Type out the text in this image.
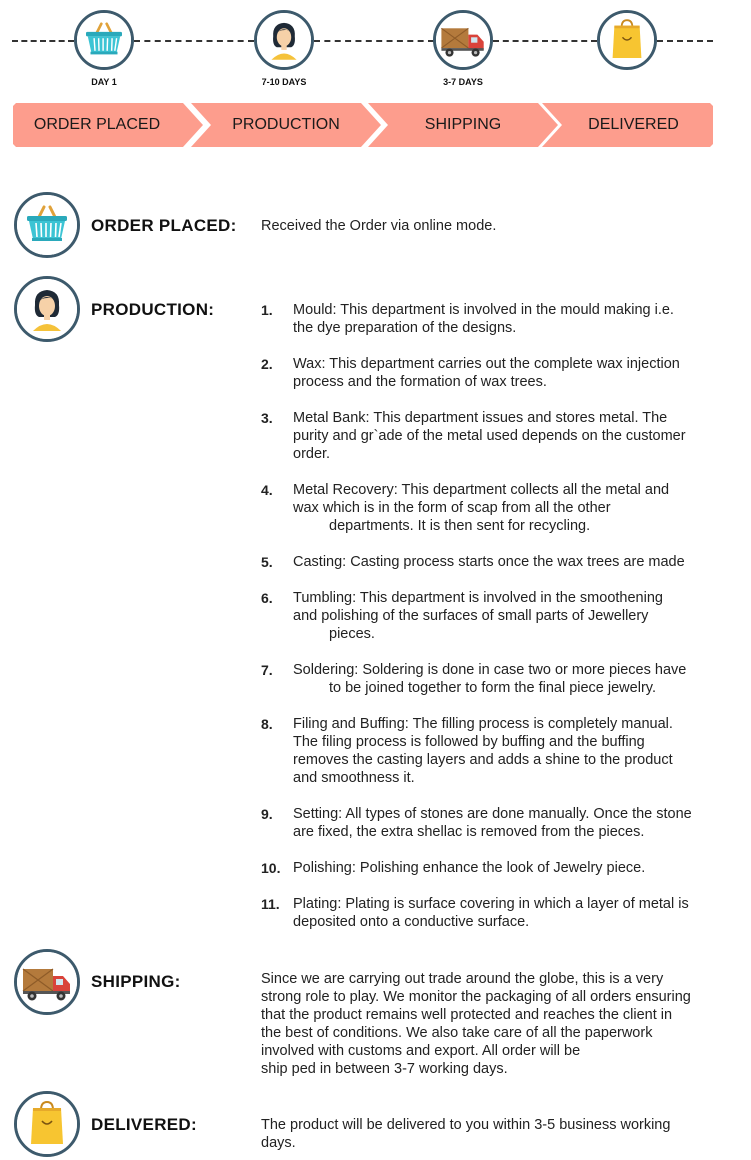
DAY 1	7-10 DAYS	3-7 DAYS
ORDER PLACED	PRODUCTION	SHIPPING	DELIVERED
ORDER PLACED: Received the Order via online mode.
PRODUCTION:	1. Mould: This department is involved in the mould making i.e.
the dye preparation of the designs.
2. Wax: This department carries out the complete wax injection
process and the formation of wax trees.
3. Metal Bank: This department issues and stores metal. The
purity and gr`ade of the metal used depends on the customer
order.
4. Metal Recovery: This department collects all the metal and
wax which is in the form of scap from all the other
departments. It is then sent for recycling.
5. Casting: Casting process starts once the wax trees are made
6. Tumbling: This department is involved in the smoothening
and polishing of the surfaces of small parts of Jewellery
pieces.
7. Soldering: Soldering is done in case two or more pieces have
to be joined together to form the final piece jewelry.
8. Filing and Buffing: The filling process is completely manual.
The filing process is followed by buffing and the buffing
removes the casting layers and adds a shine to the product
and smoothness it.
9. Setting: All types of stones are done manually. Once the stone
are fixed, the extra shellac is removed from the pieces.
10. Polishing: Polishing enhance the look of Jewelry piece.
11. Plating: Plating is surface covering in which a layer of metal is
deposited onto a conductive surface.
SHIPPING:	Since we are carrying out trade around the globe, this is a very
strong role to play. We monitor the packaging of all orders ensuring
that the product remains well protected and reaches the client in
the best of conditions. We also take care of all the paperwork
involved with customs and export. All order will be
ship ped in between 3-7 working days.
DELIVERED:	The product will be delivered to you within 3-5 business working
days.
